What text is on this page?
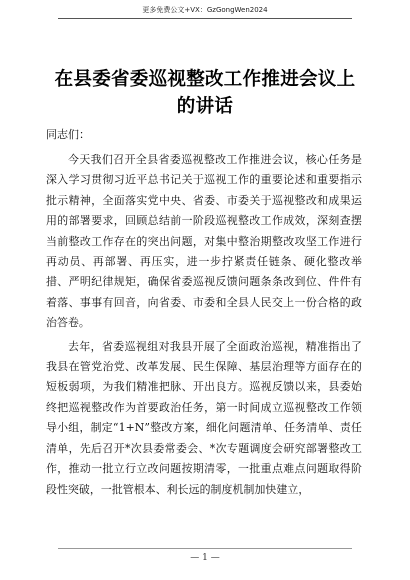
更多免费公文+VX：GzGongWen2024
在县委省委巡视整改工作推进会议上的讲话
同志们：

今天我们召开全县省委巡视整改工作推进会议，核心任务是深入学习贯彻习近平总书记关于巡视工作的重要论述和重要指示批示精神，全面落实党中央、省委、市委关于巡视整改和成果运用的部署要求，回顾总结前一阶段巡视整改工作成效，深刻查摆当前整改工作存在的突出问题，对集中整治期整改攻坚工作进行再动员、再部署、再压实，进一步拧紧责任链条、硬化整改举措、严明纪律规矩，确保省委巡视反馈问题条条改到位、件件有着落、事事有回音，向省委、市委和全县人民交上一份合格的政治答卷。

去年，省委巡视组对我县开展了全面政治巡视，精准指出了我县在管党治党、改革发展、民生保障、基层治理等方面存在的短板弱项，为我们精准把脉、开出良方。巡视反馈以来，县委始终把巡视整改作为首要政治任务，第一时间成立巡视整改工作领导小组，制定“1+N”整改方案，细化问题清单、任务清单、责任清单，先后召开*次县委常委会、*次专题调度会研究部署整改工作，推动一批立行立改问题按期清零，一批重点难点问题取得阶段性突破，一批管根本、利长远的制度机制加快建立，

— 1 —
